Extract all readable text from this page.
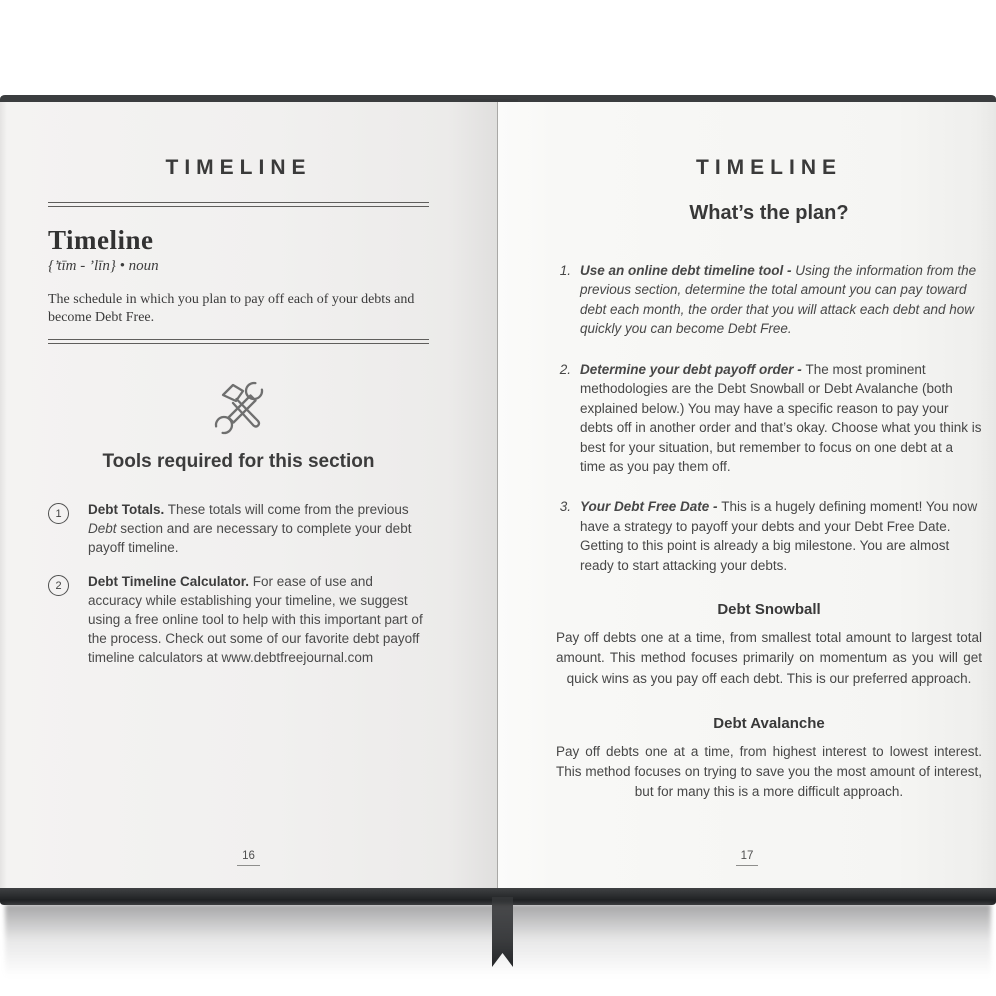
TIMELINE
Timeline
{’tīm - ’līn} • noun

The schedule in which you plan to pay off each of your debts and become Debt Free.

Tools required for this section
1 Debt Totals. These totals will come from the previous Debt section and are necessary to complete your debt payoff timeline.

2 Debt Timeline Calculator. For ease of use and accuracy while establishing your timeline, we suggest using a free online tool to help with this important part of the process. Check out some of our favorite debt payoff timeline calculators at www.debtfreejournal.com

16
TIMELINE
What’s the plan?
1. Use an online debt timeline tool - Using the information from the previous section, determine the total amount you can pay toward debt each month, the order that you will attack each debt and how quickly you can become Debt Free.

2. Determine your debt payoff order - The most prominent methodologies are the Debt Snowball or Debt Avalanche (both explained below.) You may have a specific reason to pay your debts off in another order and that’s okay. Choose what you think is best for your situation, but remember to focus on one debt at a time as you pay them off.

3. Your Debt Free Date - This is a hugely defining moment! You now have a strategy to payoff your debts and your Debt Free Date. Getting to this point is already a big milestone. You are almost ready to start attacking your debts.

Debt Snowball

Pay off debts one at a time, from smallest total amount to largest total amount. This method focuses primarily on momentum as you will get quick wins as you pay off each debt. This is our preferred approach.

Debt Avalanche

Pay off debts one at a time, from highest interest to lowest interest. This method focuses on trying to save you the most amount of interest, but for many this is a more difficult approach.

17
